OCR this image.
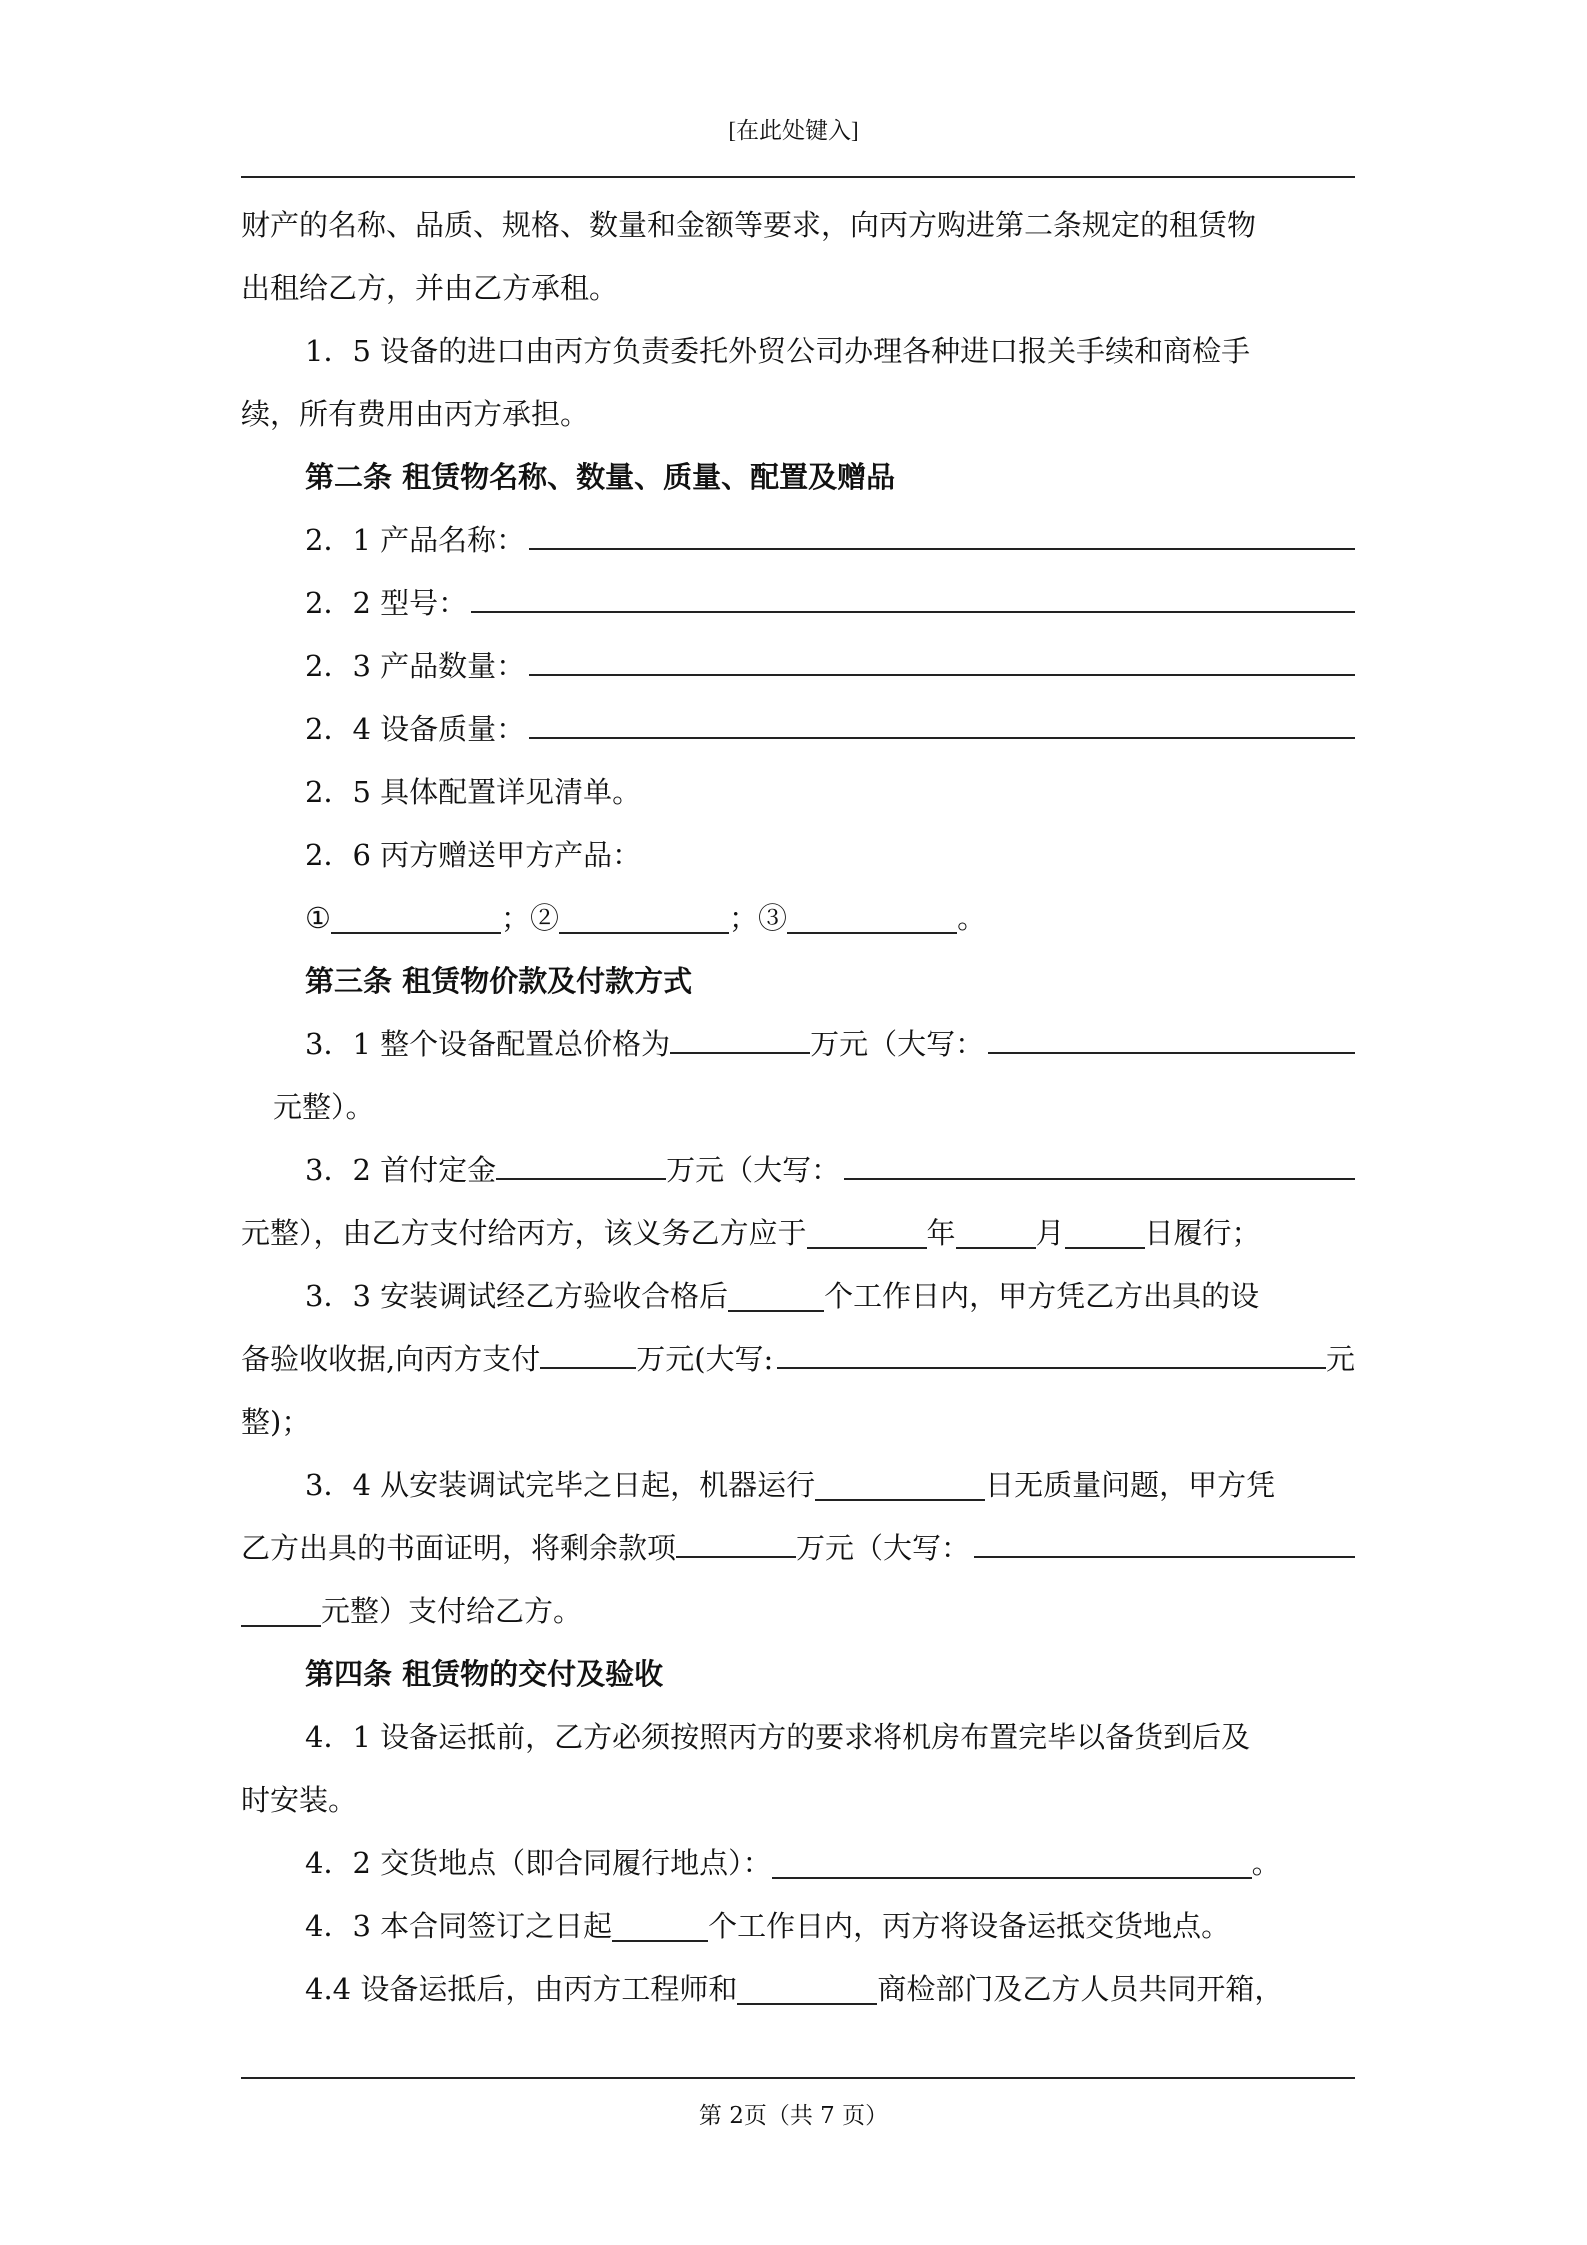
[在此处键入]
财产的名称、品质、规格、数量和金额等要求，向丙方购进第二条规定的租赁物
出租给乙方，并由乙方承租。
1．5 设备的进口由丙方负责委托外贸公司办理各种进口报关手续和商检手
续，所有费用由丙方承担。
第二条 租赁物名称、数量、质量、配置及赠品
2．1 产品名称：
2．2 型号：
2．3 产品数量：
2．4 设备质量：
2．5 具体配置详见清单。
2．6 丙方赠送甲方产品：
①	；②	；③	。
第三条 租赁物价款及付款方式
3．1 整个设备配置总价格为	万元（大写：
元整）。
3．2 首付定金	万元（大写：
元整），由乙方支付给丙方，该义务乙方应于	年	月	日履行；
3．3 安装调试经乙方验收合格后	个工作日内，甲方凭乙方出具的设
备验收收据,向丙方支付	万元(大写:	元
整)；
3．4 从安装调试完毕之日起，机器运行	日无质量问题，甲方凭
乙方出具的书面证明，将剩余款项	万元（大写：
元整）支付给乙方。
第四条 租赁物的交付及验收
4．1 设备运抵前，乙方必须按照丙方的要求将机房布置完毕以备货到后及
时安装。
4．2 交货地点（即合同履行地点）：	。
4．3 本合同签订之日起	个工作日内，丙方将设备运抵交货地点。
4.4 设备运抵后，由丙方工程师和	商检部门及乙方人员共同开箱，
第 2页（共 7 页）
